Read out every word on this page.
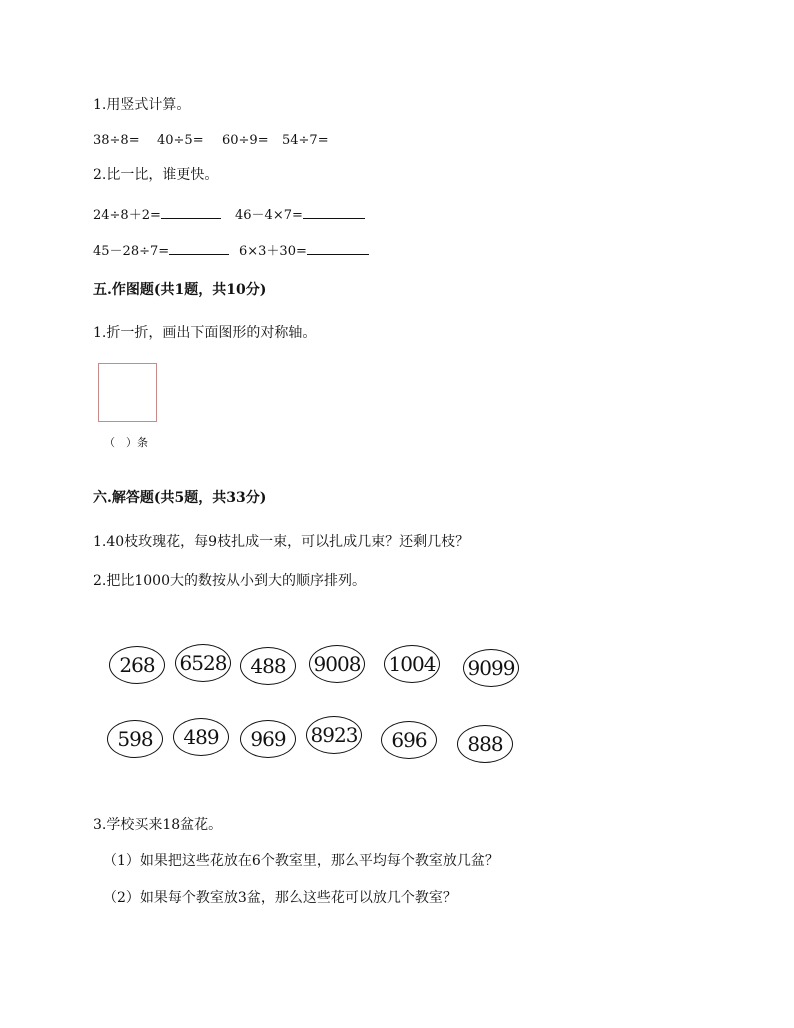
1.用竖式计算。
38÷8= 40÷5= 60÷9= 54÷7=
2.比一比，谁更快。
24÷8＋2=	46－4×7=
45－28÷7=	6×3＋30=
五.作图题(共1题，共10分)
1.折一折，画出下面图形的对称轴。
（　）条
六.解答题(共5题，共33分)
1.40枝玫瑰花，每9枝扎成一束，可以扎成几束？还剩几枝？
2.把比1000大的数按从小到大的顺序排列。
268	6528	488	9008 1004 9099
598	489	969	8923	696	888
3.学校买来18盆花。
（1）如果把这些花放在6个教室里，那么平均每个教室放几盆？
（2）如果每个教室放3盆，那么这些花可以放几个教室？
